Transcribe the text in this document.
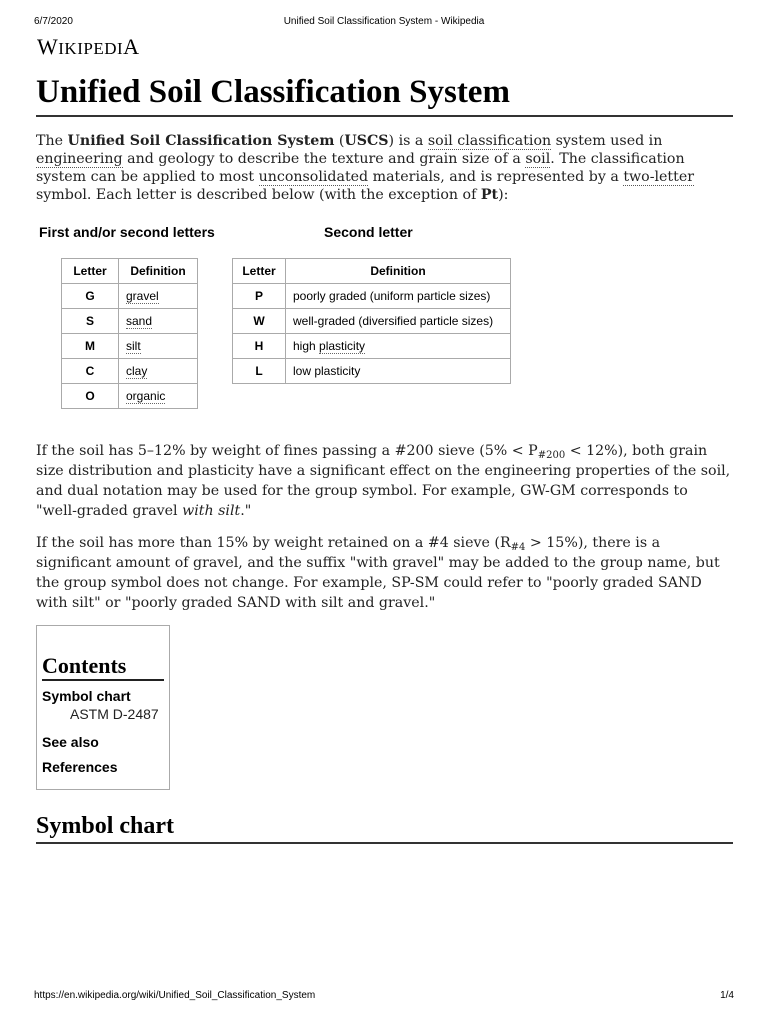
6/7/2020	Unified Soil Classification System - Wikipedia
WIKIPEDIA
Unified Soil Classification System

The Unified Soil Classification System (USCS) is a soil classification system used in engineering and geology to describe the texture and grain size of a soil. The classification system can be applied to most unconsolidated materials, and is represented by a two-letter symbol. Each letter is described below (with the exception of Pt):

First and/or second letters	Second letter
Letter	Definition
G	gravel
S	sand
M	silt
C	clay
O	organic
Letter	Definition
P	poorly graded (uniform particle sizes)
W	well-graded (diversified particle sizes)
H	high plasticity
L	low plasticity

If the soil has 5–12% by weight of fines passing a #200 sieve $(5\% < P_{\#200} < 12\%)$, both grain size distribution and plasticity have a significant effect on the engineering properties of the soil, and dual notation may be used for the group symbol. For example, GW-GM corresponds to "well-graded gravel with silt."

If the soil has more than 15% by weight retained on a #4 sieve $(R_{\#4} > 15\%)$, there is a significant amount of gravel, and the suffix "with gravel" may be added to the group name, but the group symbol does not change. For example, SP-SM could refer to "poorly graded SAND with silt" or "poorly graded SAND with silt and gravel."

Contents
Symbol chart
ASTM D-2487
See also
References
Symbol chart
https://en.wikipedia.org/wiki/Unified_Soil_Classification_System	1/4
